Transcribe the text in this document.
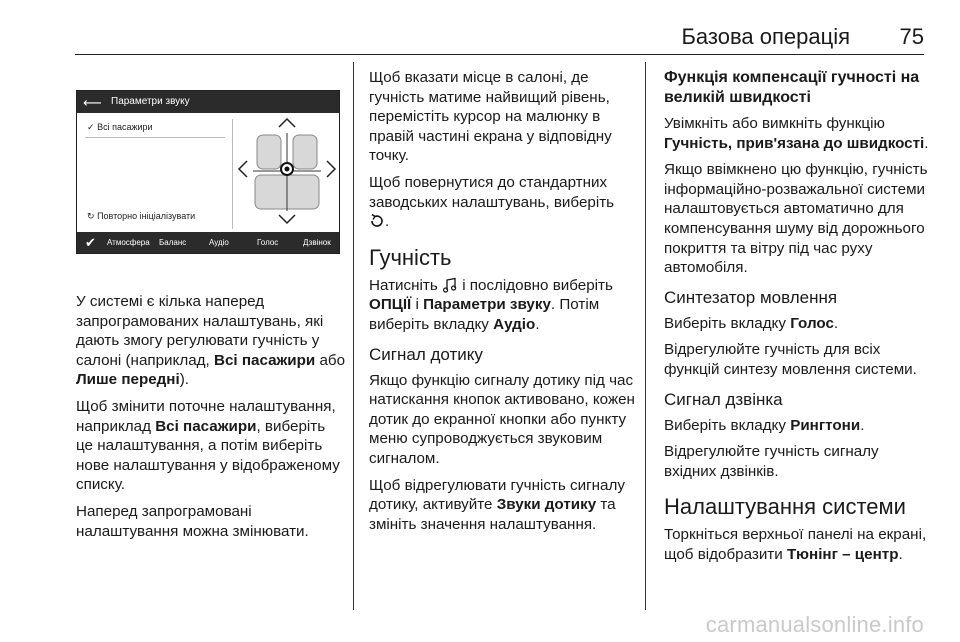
Базова операція 75
⟵ Параметри звуку
✓ Всі пасажири
↻ Повторно ініціалізувати
✔ Атмосфера Баланс	Аудіо	Голос	Дзвінок

У системі є кілька наперед запрограмованих налаштувань, які дають змогу регулювати гучність у салоні (наприклад, Всі пасажири або Лише передні).

Щоб змінити поточне налаштування, наприклад Всі пасажири, виберіть це налаштування, а потім виберіть нове налаштування у відображеному списку.

Наперед запрограмовані налаштування можна змінювати.

Щоб вказати місце в салоні, де гучність матиме найвищий рівень, перемістіть курсор на малюнку в правій частині екрана у відповідну точку.

Щоб повернутися до стандартних заводських налаштувань, виберіть
.

Гучність

Натисніть  і послідовно виберіть ОПЦІЇ і Параметри звуку. Потім виберіть вкладку Аудіо.

Сигнал дотику

Якщо функцію сигналу дотику під час натискання кнопок активовано, кожен дотик до екранної кнопки або пункту меню супроводжується звуковим сигналом.

Щоб відрегулювати гучність сигналу дотику, активуйте Звуки дотику та змініть значення налаштування.

Функція компенсації гучності на великій швидкості

Увімкніть або вимкніть функцію Гучність, прив'язана до швидкості.

Якщо ввімкнено цю функцію, гучність інформаційно-розважальної системи налаштовується автоматично для компенсування шуму від дорожнього покриття та вітру під час руху автомобіля.

Синтезатор мовлення

Виберіть вкладку Голос.

Відрегулюйте гучність для всіх функцій синтезу мовлення системи.

Сигнал дзвінка

Виберіть вкладку Рингтони.

Відрегулюйте гучність сигналу вхідних дзвінків.

Налаштування системи

Торкніться верхньої панелі на екрані, щоб відобразити Тюнінг – центр.

carmanualsonline.info
